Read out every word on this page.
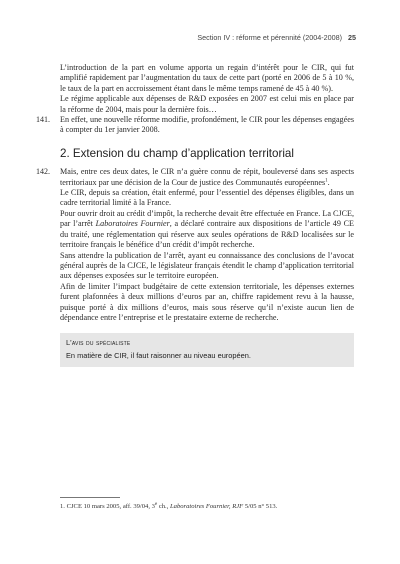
Section IV : réforme et pérennité (2004-2008) 25

L’introduction de la part en volume apporta un regain d’intérêt pour le CIR, qui fut amplifié rapidement par l’augmentation du taux de cette part (porté en 2006 de 5 à 10 %, le taux de la part en accroissement étant dans le même temps ramené de 45 à 40 %).

Le régime applicable aux dépenses de R&D exposées en 2007 est celui mis en place par la réforme de 2004, mais pour la dernière fois…

141. En effet, une nouvelle réforme modifie, profondément, le CIR pour les dépenses engagées à compter du 1er janvier 2008.

2. Extension du champ d’application territorial
142. Mais, entre ces deux dates, le CIR n’a guère connu de répit, bouleversé dans ses aspects territoriaux par une décision de la Cour de justice des Communautés européennes$^1$.

Le CIR, depuis sa création, était enfermé, pour l’essentiel des dépenses éligibles, dans un cadre territorial limité à la France.

Pour ouvrir droit au crédit d’impôt, la recherche devait être effectuée en France. La CJCE, par l’arrêt Laboratoires Fournier, a déclaré contraire aux dispositions de l’article 49 CE du traité, une réglementation qui réserve aux seules opérations de R&D localisées sur le territoire français le bénéfice d’un crédit d’impôt recherche.

Sans attendre la publication de l’arrêt, ayant eu connaissance des conclusions de l’avocat général auprès de la CJCE, le législateur français étendit le champ d’application territorial aux dépenses exposées sur le territoire européen.

Afin de limiter l’impact budgétaire de cette extension territoriale, les dépenses externes furent plafonnées à deux millions d’euros par an, chiffre rapidement revu à la hausse, puisque porté à dix millions d’euros, mais sous réserve qu’il n’existe aucun lien de dépendance entre l’entreprise et le prestataire externe de recherche.

L’avis du spécialiste
En matière de CIR, il faut raisonner au niveau européen.
1. CJCE 10 mars 2005, aff. 39/04, 3e ch., Laboratoires Fournier, RJF 5/05 n° 513.
